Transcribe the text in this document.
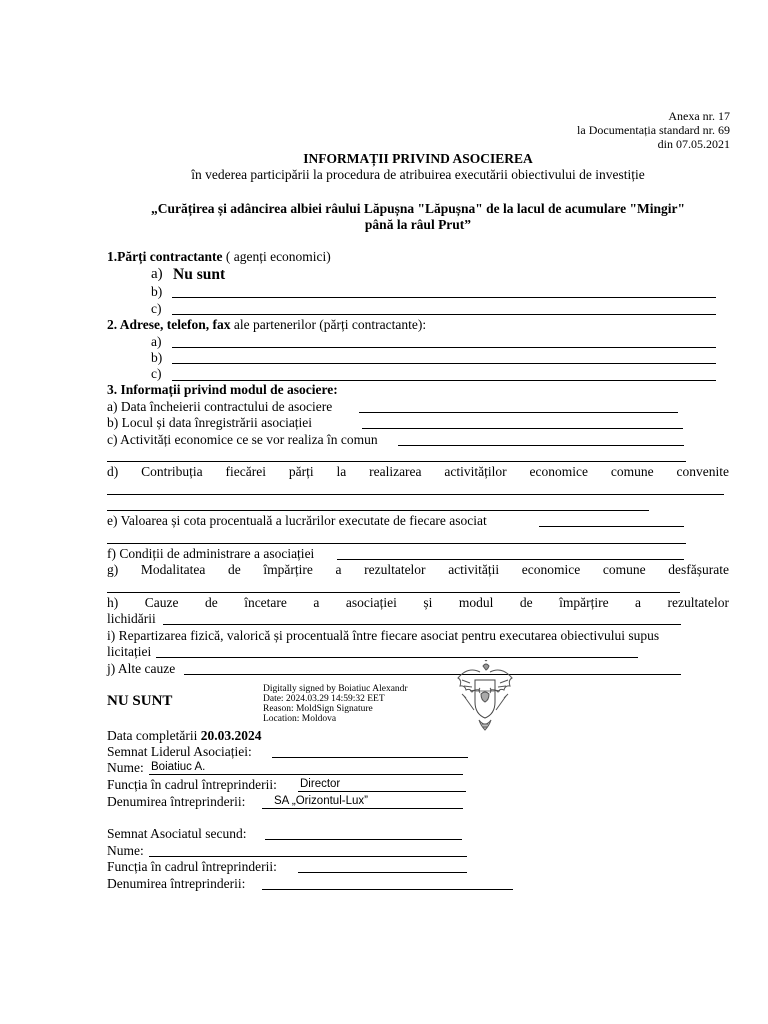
Anexa nr. 17
la Documentația standard nr. 69
din 07.05.2021
INFORMAȚII PRIVIND ASOCIEREA
în vederea participării la procedura de atribuirea executării obiectivului de investiție
„Curățirea și adâncirea albiei râului Lăpușna "Lăpușna" de la lacul de acumulare "Mingir"
până la râul Prut”
1.Părți contractante ( agenți economici)
a) Nu sunt
b)
c)
2. Adrese, telefon, fax ale partenerilor (părți contractante):
a)
b)
c)
3. Informații privind modul de asociere:
a) Data încheierii contractului de asociere
b) Locul și data înregistrării asociației
c) Activități economice ce se vor realiza în comun
d) Contribuția fiecărei părți la realizarea activităților economice comune convenite
e) Valoarea și cota procentuală a lucrărilor executate de fiecare asociat
f) Condiții de administrare a asociației
g) Modalitatea de împărțire a rezultatelor activității economice comune desfășurate
h) Cauze de încetare a asociației și modul de împărțire a rezultatelor
lichidării
i) Repartizarea fizică, valorică și procentuală între fiecare asociat pentru executarea obiectivului supus
licitației
j) Alte cauze
NU SUNT
Digitally signed by Boiatiuc Alexandr
Date: 2024.03.29 14:59:32 EET
Reason: MoldSign Signature
Location: Moldova
Data completării 20.03.2024
Semnat Liderul Asociației:
Nume: Boiatiuc A.
Funcția în cadrul întreprinderii: Director
Denumirea întreprinderii: SA „Orizontul-Lux”
Semnat Asociatul secund:
Nume:
Funcția în cadrul întreprinderii:
Denumirea întreprinderii:
